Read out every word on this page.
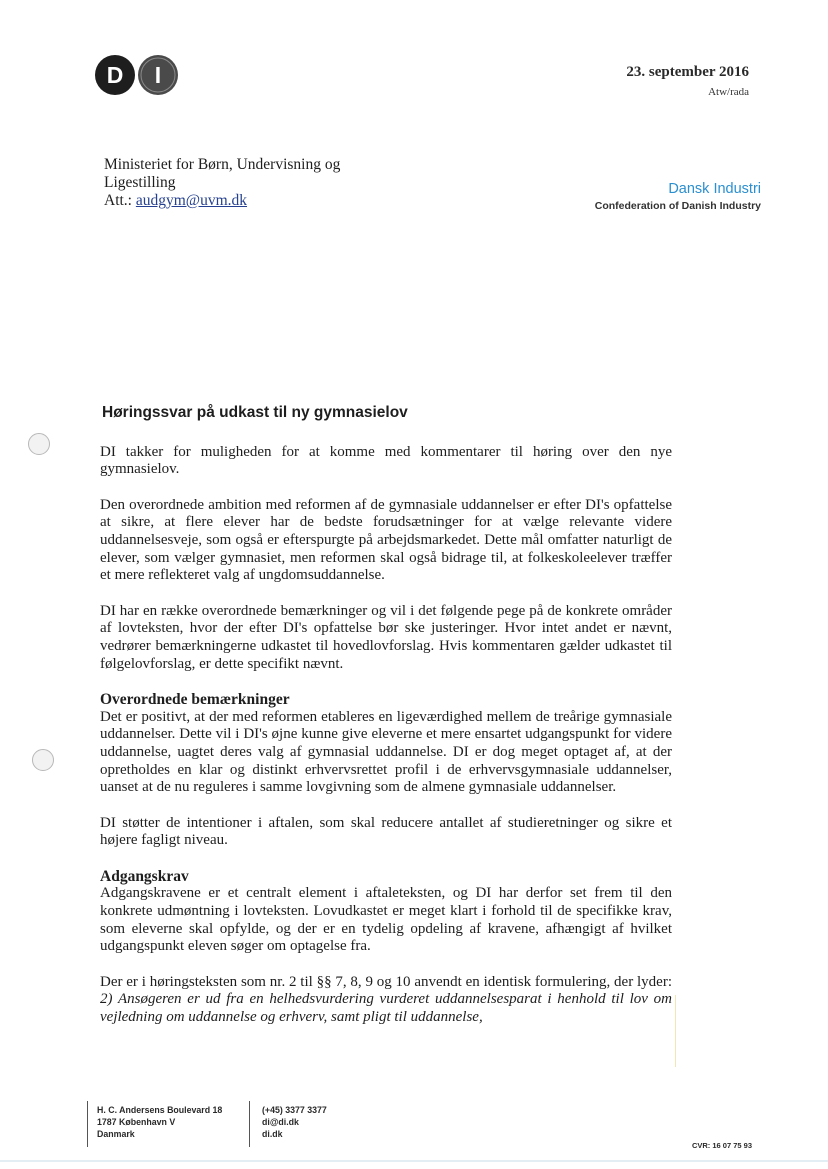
D I	23. september 2016
Atw/rada
Ministeriet for Børn, Undervisning og
Ligestilling
Att.: audgym@uvm.dk
Dansk Industri
Confederation of Danish Industry
Høringssvar på udkast til ny gymnasielov

DI takker for muligheden for at komme med kommentarer til høring over den nye gymnasielov.

Den overordnede ambition med reformen af de gymnasiale uddannelser er efter DI's opfattelse at sikre, at flere elever har de bedste forudsætninger for at vælge relevante videre uddannelsesveje, som også er efterspurgte på arbejdsmarkedet. Dette mål omfatter naturligt de elever, som vælger gymnasiet, men reformen skal også bidrage til, at folkeskoleelever træffer et mere reflekteret valg af ungdomsuddannelse.

DI har en række overordnede bemærkninger og vil i det følgende pege på de konkrete områder af lovteksten, hvor der efter DI's opfattelse bør ske justeringer. Hvor intet andet er nævnt, vedrører bemærkningerne udkastet til hovedlovforslag. Hvis kommentaren gælder udkastet til følgelovforslag, er dette specifikt nævnt.

Overordnede bemærkninger

Det er positivt, at der med reformen etableres en ligeværdighed mellem de treårige gymnasiale uddannelser. Dette vil i DI's øjne kunne give eleverne et mere ensartet udgangspunkt for videre uddannelse, uagtet deres valg af gymnasial uddannelse. DI er dog meget optaget af, at der opretholdes en klar og distinkt erhvervsrettet profil i de erhvervsgymnasiale uddannelser, uanset at de nu reguleres i samme lovgivning som de almene gymnasiale uddannelser.

DI støtter de intentioner i aftalen, som skal reducere antallet af studieretninger og sikre et højere fagligt niveau.

Adgangskrav

Adgangskravene er et centralt element i aftaleteksten, og DI har derfor set frem til den konkrete udmøntning i lovteksten. Lovudkastet er meget klart i forhold til de specifikke krav, som eleverne skal opfylde, og der er en tydelig opdeling af kravene, afhængigt af hvilket udgangspunkt eleven søger om optagelse fra.

Der er i høringsteksten som nr. 2 til §§ 7, 8, 9 og 10 anvendt en identisk formulering, der lyder: 2) Ansøgeren er ud fra en helhedsvurdering vurderet uddannelsesparat i henhold til lov om vejledning om uddannelse og erhverv, samt pligt til uddannelse,

H. C. Andersens Boulevard 18
1787 København V
Danmark
(+45) 3377 3377
di@di.dk
di.dk
CVR: 16 07 75 93
